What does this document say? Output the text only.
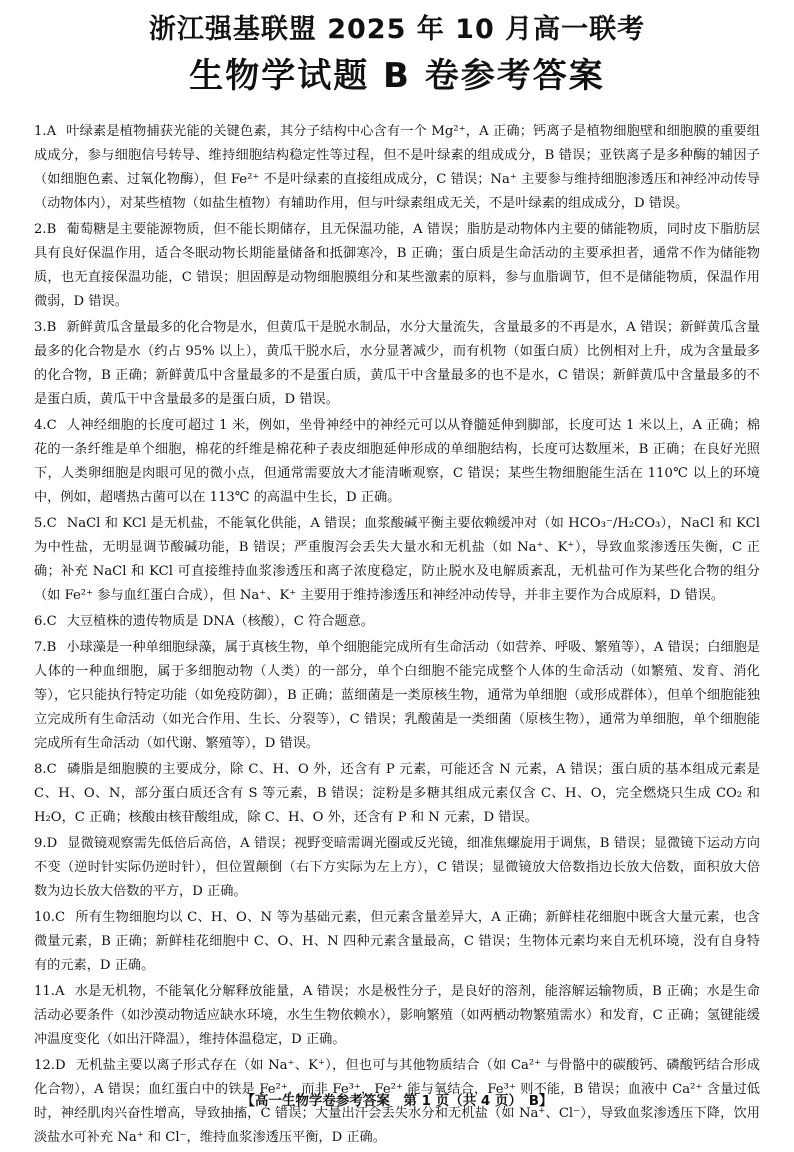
浙江强基联盟 2025 年 10 月高一联考
生物学试题 B 卷参考答案
1.A 叶绿素是植物捕获光能的关键色素，其分子结构中心含有一个 Mg²⁺，A 正确；钙离子是植物细胞壁和细胞膜的重要组成成分，参与细胞信号转导、维持细胞结构稳定性等过程，但不是叶绿素的组成成分，B 错误；亚铁离子是多种酶的辅因子（如细胞色素、过氧化物酶），但 Fe²⁺ 不是叶绿素的直接组成成分，C 错误；Na⁺ 主要参与维持细胞渗透压和神经冲动传导（动物体内），对某些植物（如盐生植物）有辅助作用，但与叶绿素组成无关，不是叶绿素的组成成分，D 错误。
2.B 葡萄糖是主要能源物质，但不能长期储存，且无保温功能，A 错误；脂肪是动物体内主要的储能物质，同时皮下脂肪层具有良好保温作用，适合冬眠动物长期能量储备和抵御寒冷，B 正确；蛋白质是生命活动的主要承担者，通常不作为储能物质，也无直接保温功能，C 错误；胆固醇是动物细胞膜组分和某些激素的原料，参与血脂调节，但不是储能物质，保温作用微弱，D 错误。
3.B 新鲜黄瓜含量最多的化合物是水，但黄瓜干是脱水制品，水分大量流失，含量最多的不再是水，A 错误；新鲜黄瓜含量最多的化合物是水（约占 95% 以上），黄瓜干脱水后，水分显著减少，而有机物（如蛋白质）比例相对上升，成为含量最多的化合物，B 正确；新鲜黄瓜中含量最多的不是蛋白质，黄瓜干中含量最多的也不是水，C 错误；新鲜黄瓜中含量最多的不是蛋白质，黄瓜干中含量最多的是蛋白质，D 错误。
4.C 人神经细胞的长度可超过 1 米，例如，坐骨神经中的神经元可以从脊髓延伸到脚部，长度可达 1 米以上，A 正确；棉花的一条纤维是单个细胞，棉花的纤维是棉花种子表皮细胞延伸形成的单细胞结构，长度可达数厘米，B 正确；在良好光照下，人类卵细胞是肉眼可见的微小点，但通常需要放大才能清晰观察，C 错误；某些生物细胞能生活在 110℃ 以上的环境中，例如，超嗜热古菌可以在 113℃ 的高温中生长，D 正确。
5.C NaCl 和 KCl 是无机盐，不能氧化供能，A 错误；血浆酸碱平衡主要依赖缓冲对（如 HCO₃⁻/H₂CO₃），NaCl 和 KCl 为中性盐，无明显调节酸碱功能，B 错误；严重腹泻会丢失大量水和无机盐（如 Na⁺、K⁺），导致血浆渗透压失衡，C 正确；补充 NaCl 和 KCl 可直接维持血浆渗透压和离子浓度稳定，防止脱水及电解质紊乱，无机盐可作为某些化合物的组分（如 Fe²⁺ 参与血红蛋白合成），但 Na⁺、K⁺ 主要用于维持渗透压和神经冲动传导，并非主要作为合成原料，D 错误。
6.C 大豆植株的遗传物质是 DNA（核酸），C 符合题意。
7.B 小球藻是一种单细胞绿藻，属于真核生物，单个细胞能完成所有生命活动（如营养、呼吸、繁殖等），A 错误；白细胞是人体的一种血细胞，属于多细胞动物（人类）的一部分，单个白细胞不能完成整个人体的生命活动（如繁殖、发育、消化等），它只能执行特定功能（如免疫防御），B 正确；蓝细菌是一类原核生物，通常为单细胞（或形成群体），但单个细胞能独立完成所有生命活动（如光合作用、生长、分裂等），C 错误；乳酸菌是一类细菌（原核生物），通常为单细胞，单个细胞能完成所有生命活动（如代谢、繁殖等），D 错误。
8.C 磷脂是细胞膜的主要成分，除 C、H、O 外，还含有 P 元素，可能还含 N 元素，A 错误；蛋白质的基本组成元素是 C、H、O、N，部分蛋白质还含有 S 等元素，B 错误；淀粉是多糖其组成元素仅含 C、H、O，完全燃烧只生成 CO₂ 和 H₂O，C 正确；核酸由核苷酸组成，除 C、H、O 外，还含有 P 和 N 元素，D 错误。
9.D 显微镜观察需先低倍后高倍，A 错误；视野变暗需调光圈或反光镜，细准焦螺旋用于调焦，B 错误；显微镜下运动方向不变（逆时针实际仍逆时针），但位置颠倒（右下方实际为左上方），C 错误；显微镜放大倍数指边长放大倍数，面积放大倍数为边长放大倍数的平方，D 正确。
10.C 所有生物细胞均以 C、H、O、N 等为基础元素，但元素含量差异大，A 正确；新鲜桂花细胞中既含大量元素，也含微量元素，B 正确；新鲜桂花细胞中 C、O、H、N 四种元素含量最高，C 错误；生物体元素均来自无机环境，没有自身特有的元素，D 正确。
11.A 水是无机物，不能氧化分解释放能量，A 错误；水是极性分子，是良好的溶剂，能溶解运输物质，B 正确；水是生命活动必要条件（如沙漠动物适应缺水环境，水生生物依赖水），影响繁殖（如两栖动物繁殖需水）和发育，C 正确；氢键能缓冲温度变化（如出汗降温），维持体温稳定，D 正确。
12.D 无机盐主要以离子形式存在（如 Na⁺、K⁺），但也可与其他物质结合（如 Ca²⁺ 与骨骼中的碳酸钙、磷酸钙结合形成化合物），A 错误；血红蛋白中的铁是 Fe²⁺，而非 Fe³⁺，Fe²⁺ 能与氧结合，Fe³⁺ 则不能，B 错误；血液中 Ca²⁺ 含量过低时，神经肌肉兴奋性增高，导致抽搐，C 错误；大量出汗会丢失水分和无机盐（如 Na⁺、Cl⁻），导致血浆渗透压下降，饮用淡盐水可补充 Na⁺ 和 Cl⁻，维持血浆渗透压平衡，D 正确。
【高一生物学卷参考答案　第 1 页（共 4 页）　B】
